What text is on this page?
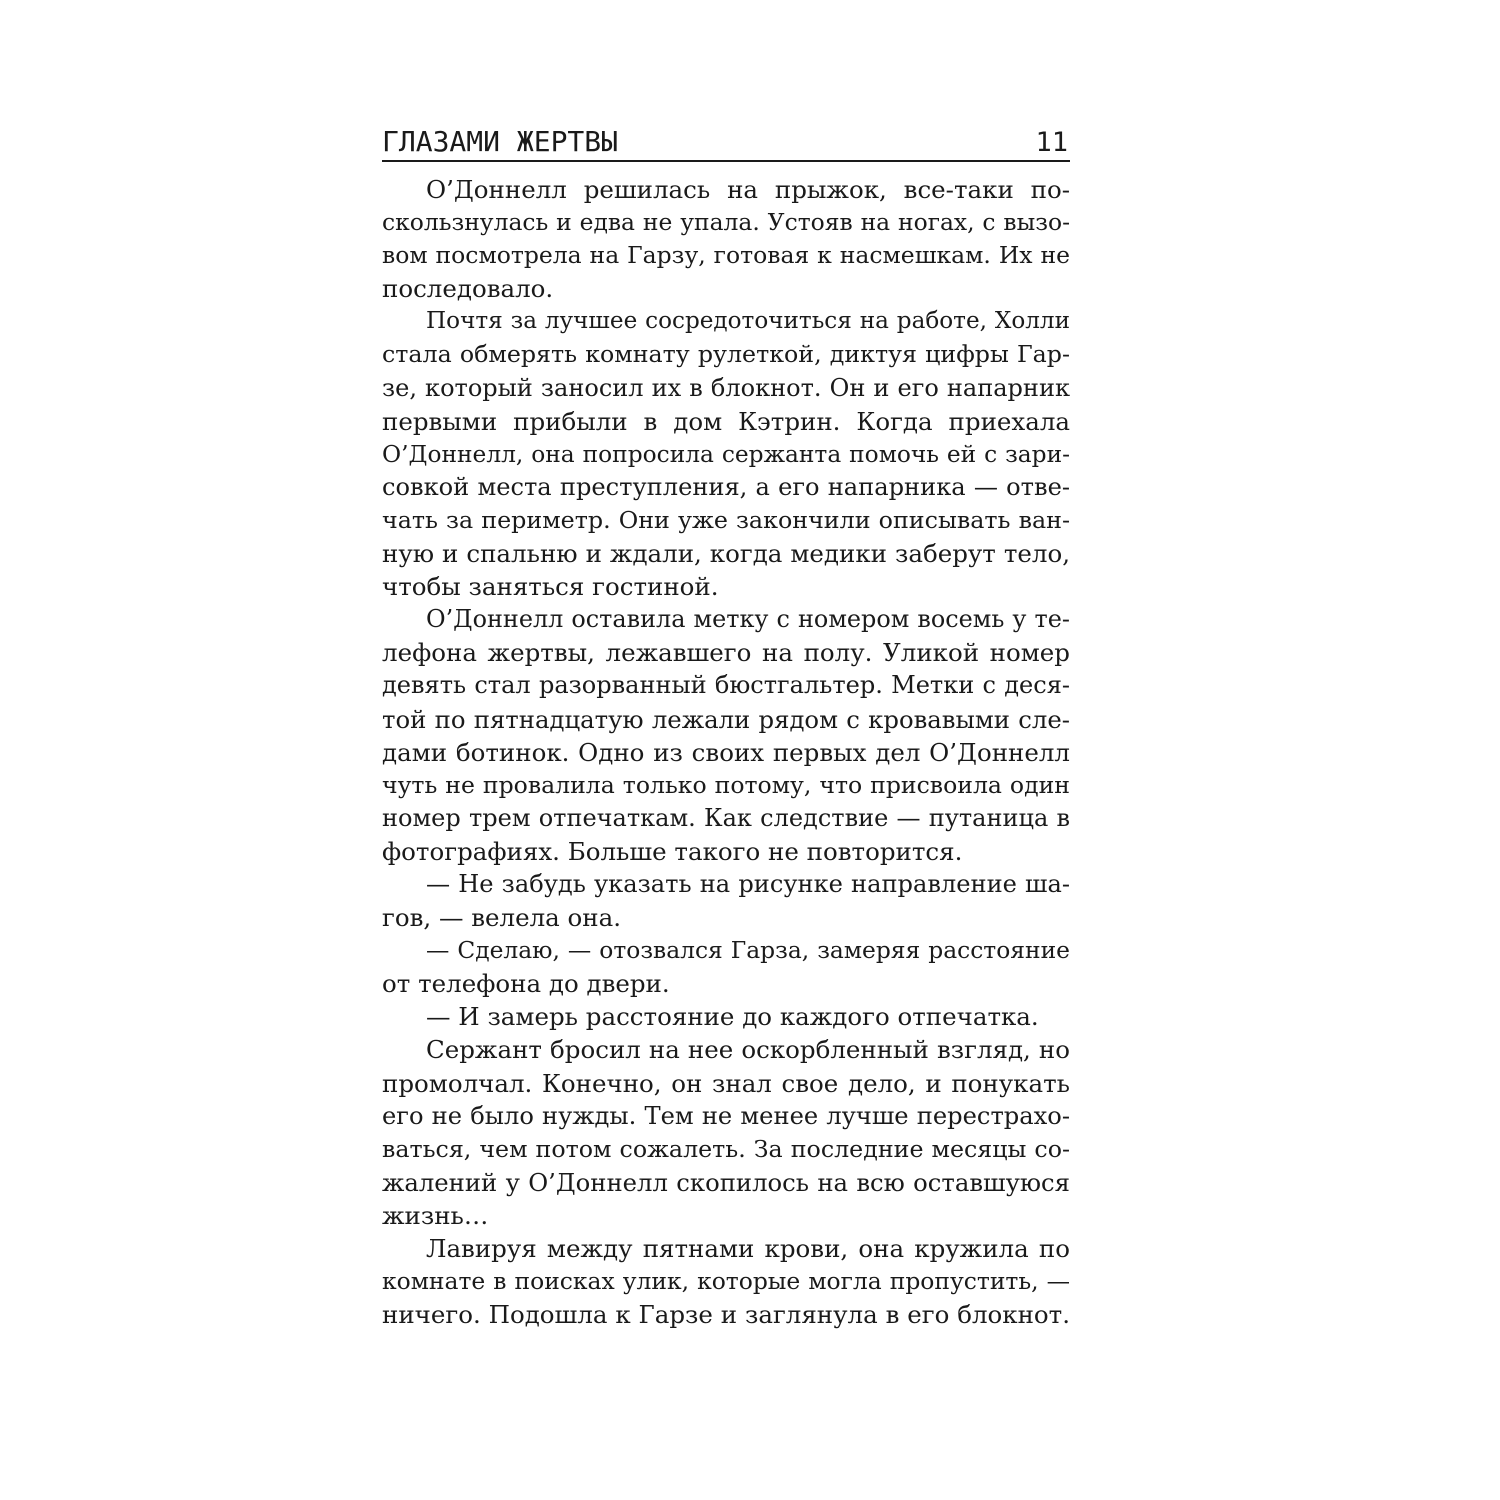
ГЛАЗАМИ ЖЕРТВЫ	11
О’Доннелл решилась на прыжок, все-таки по-
скользнулась и едва не упала. Устояв на ногах, с вызо-
вом посмотрела на Гарзу, готовая к насмешкам. Их не
последовало.
Почтя за лучшее сосредоточиться на работе, Холли
стала обмерять комнату рулеткой, диктуя цифры Гар-
зе, который заносил их в блокнот. Он и его напарник
первыми прибыли в дом Кэтрин. Когда приехала
О’Доннелл, она попросила сержанта помочь ей с зари-
совкой места преступления, а его напарника — отве-
чать за периметр. Они уже закончили описывать ван-
ную и спальню и ждали, когда медики заберут тело,
чтобы заняться гостиной.
О’Доннелл оставила метку с номером восемь у те-
лефона жертвы, лежавшего на полу. Уликой номер
девять стал разорванный бюстгальтер. Метки с деся-
той по пятнадцатую лежали рядом с кровавыми сле-
дами ботинок. Одно из своих первых дел О’Доннелл
чуть не провалила только потому, что присвоила один
номер трем отпечаткам. Как следствие — путаница в
фотографиях. Больше такого не повторится.
— Не забудь указать на рисунке направление ша-
гов, — велела она.
— Сделаю, — отозвался Гарза, замеряя расстояние
от телефона до двери.
— И замерь расстояние до каждого отпечатка.
Сержант бросил на нее оскорбленный взгляд, но
промолчал. Конечно, он знал свое дело, и понукать
его не было нужды. Тем не менее лучше перестрахо-
ваться, чем потом сожалеть. За последние месяцы со-
жалений у О’Доннелл скопилось на всю оставшуюся
жизнь…
Лавируя между пятнами крови, она кружила по
комнате в поисках улик, которые могла пропустить, —
ничего. Подошла к Гарзе и заглянула в его блокнот.
